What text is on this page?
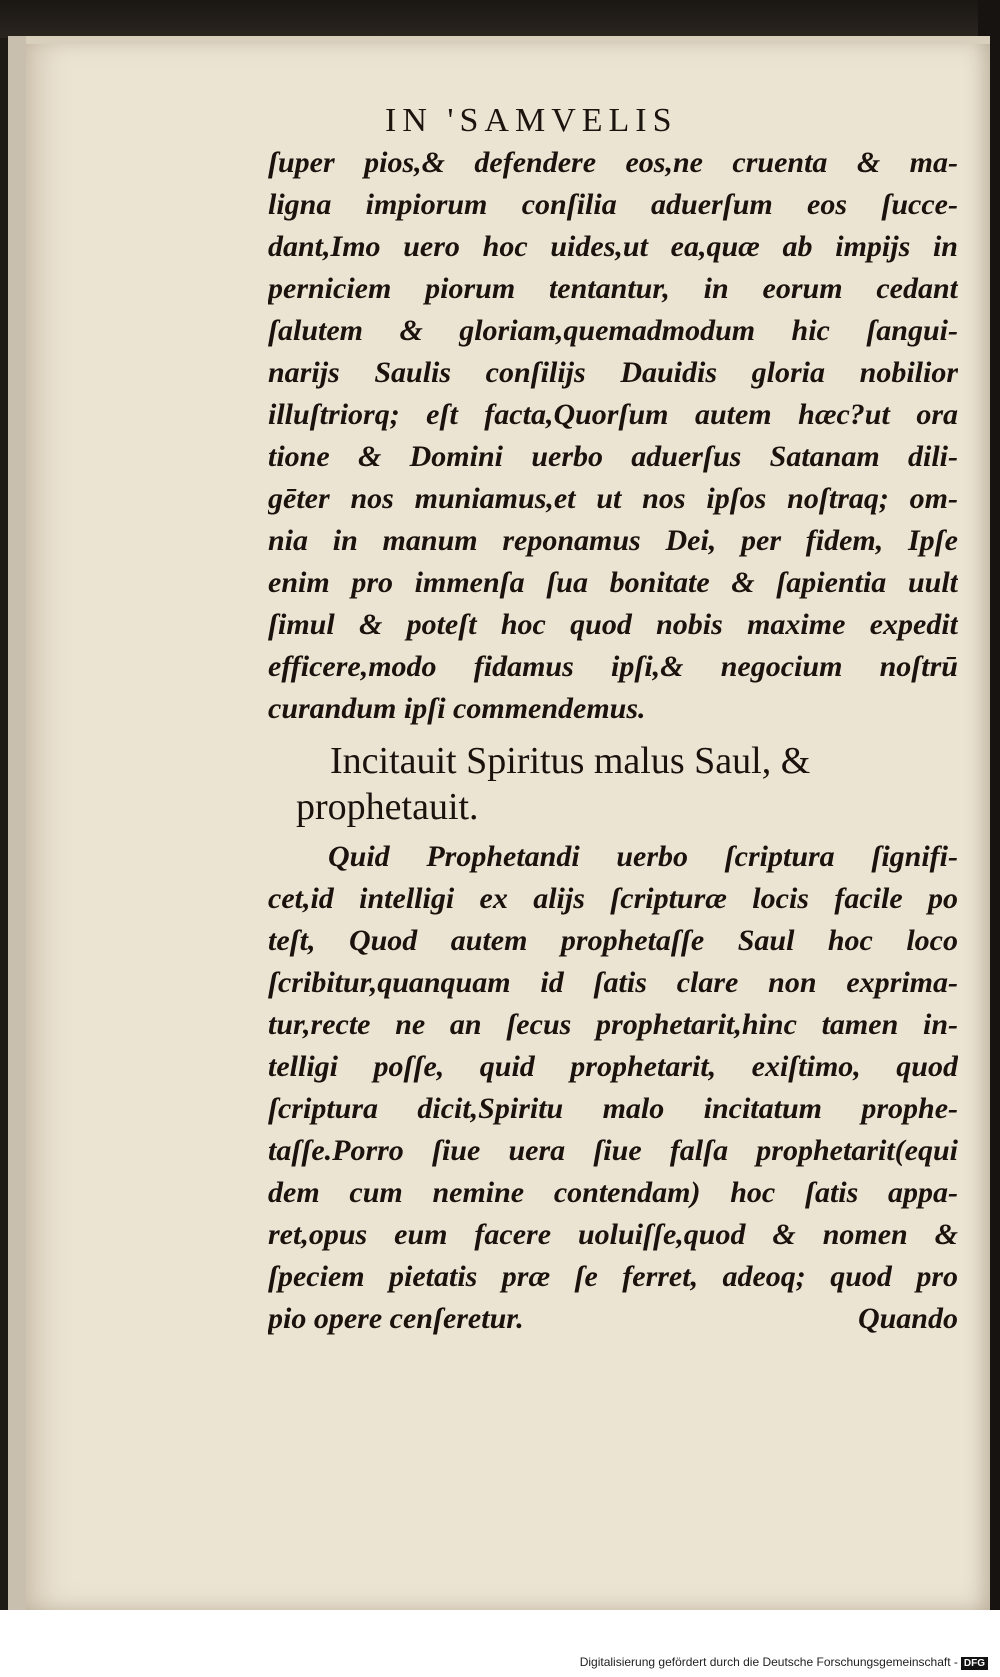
IN 'SAMVELIS
ſuper pios,& defendere eos,ne cruenta & ma-
ligna impiorum conſilia aduerſum eos ſucce-
dant,Imo uero hoc uides,ut ea,quæ ab impijs in
perniciem piorum tentantur, in eorum cedant
ſalutem & gloriam,quemadmodum hic ſangui-
narijs Saulis conſilijs Dauidis gloria nobilior
illuſtriorq; eſt facta,Quorſum autem hæc?ut ora
tione & Domini uerbo aduerſus Satanam dili-
gēter nos muniamus,et ut nos ipſos noſtraq; om-
nia in manum reponamus Dei, per fidem, Ipſe
enim pro immenſa ſua bonitate & ſapientia uult
ſimul & poteſt hoc quod nobis maxime expedit
efficere,modo fidamus ipſi,& negocium noſtrū
curandum ipſi commendemus.
Incitauit Spiritus malus Saul, &
prophetauit.
Quid Prophetandi uerbo ſcriptura ſignifi-
cet,id intelligi ex alijs ſcripturæ locis facile po
teſt, Quod autem prophetaſſe Saul hoc loco
ſcribitur,quanquam id ſatis clare non exprima-
tur,recte ne an ſecus prophetarit,hinc tamen in-
telligi poſſe, quid prophetarit, exiſtimo, quod
ſcriptura dicit,Spiritu malo incitatum prophe-
taſſe.Porro ſiue uera ſiue falſa prophetarit(equi
dem cum nemine contendam) hoc ſatis appa-
ret,opus eum facere uoluiſſe,quod & nomen &
ſpeciem pietatis præ ſe ferret, adeoq; quod pro
pio opere cenſeretur.	Quando
Digitalisierung gefördert durch die Deutsche Forschungsgemeinschaft - DFG
